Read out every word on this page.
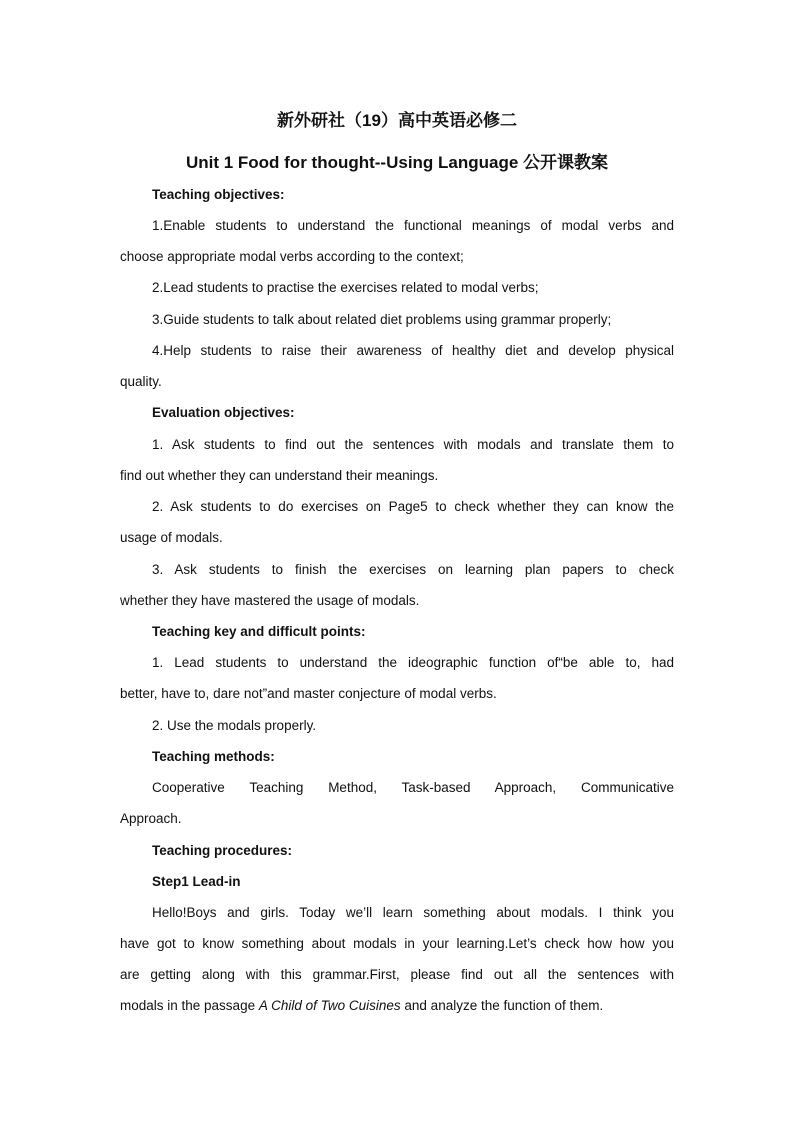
新外研社（19）高中英语必修二
Unit 1 Food for thought--Using Language 公开课教案
Teaching objectives:
1.Enable students to understand the functional meanings of modal verbs and
choose appropriate modal verbs according to the context;
2.Lead students to practise the exercises related to modal verbs;
3.Guide students to talk about related diet problems using grammar properly;
4.Help students to raise their awareness of healthy diet and develop physical
quality.
Evaluation objectives:
1. Ask students to find out the sentences with modals and translate them to
find out whether they can understand their meanings.
2. Ask students to do exercises on Page5 to check whether they can know the
usage of modals.
3. Ask students to finish the exercises on learning plan papers to check
whether they have mastered the usage of modals.
Teaching key and difficult points:
1. Lead students to understand the ideographic function of“be able to, had
better, have to, dare not”and master conjecture of modal verbs.
2. Use the modals properly.
Teaching methods:
Cooperative Teaching Method, Task-based Approach, Communicative
Approach.
Teaching procedures:
Step1 Lead-in
Hello!Boys and girls. Today we’ll learn something about modals. I think you
have got to know something about modals in your learning.Let’s check how how you
are getting along with this grammar.First, please find out all the sentences with
modals in the passage A Child of Two Cuisines and analyze the function of them.
